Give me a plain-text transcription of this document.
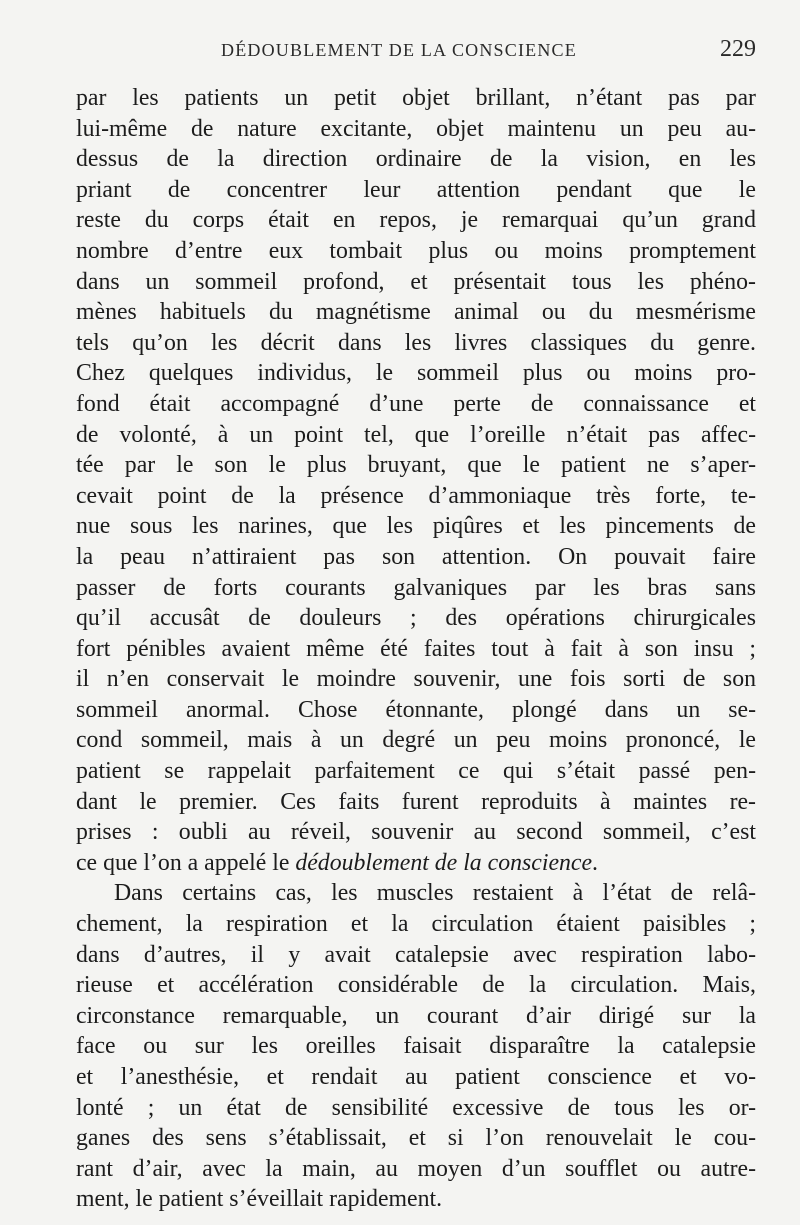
DÉDOUBLEMENT DE LA CONSCIENCE	229
par les patients un petit objet brillant, n’étant pas par
lui-même de nature excitante, objet maintenu un peu au-
dessus de la direction ordinaire de la vision, en les
priant de concentrer leur attention pendant que le
reste du corps était en repos, je remarquai qu’un grand
nombre d’entre eux tombait plus ou moins promptement
dans un sommeil profond, et présentait tous les phéno-
mènes habituels du magnétisme animal ou du mesmérisme
tels qu’on les décrit dans les livres classiques du genre.
Chez quelques individus, le sommeil plus ou moins pro-
fond était accompagné d’une perte de connaissance et
de volonté, à un point tel, que l’oreille n’était pas affec-
tée par le son le plus bruyant, que le patient ne s’aper-
cevait point de la présence d’ammoniaque très forte, te-
nue sous les narines, que les piqûres et les pincements de
la peau n’attiraient pas son attention. On pouvait faire
passer de forts courants galvaniques par les bras sans
qu’il accusât de douleurs ; des opérations chirurgicales
fort pénibles avaient même été faites tout à fait à son insu ;
il n’en conservait le moindre souvenir, une fois sorti de son
sommeil anormal. Chose étonnante, plongé dans un se-
cond sommeil, mais à un degré un peu moins prononcé, le
patient se rappelait parfaitement ce qui s’était passé pen-
dant le premier. Ces faits furent reproduits à maintes re-
prises : oubli au réveil, souvenir au second sommeil, c’est
ce que l’on a appelé le dédoublement de la conscience.
Dans certains cas, les muscles restaient à l’état de relâ-
chement, la respiration et la circulation étaient paisibles ;
dans d’autres, il y avait catalepsie avec respiration labo-
rieuse et accélération considérable de la circulation. Mais,
circonstance remarquable, un courant d’air dirigé sur la
face ou sur les oreilles faisait disparaître la catalepsie
et l’anesthésie, et rendait au patient conscience et vo-
lonté ; un état de sensibilité excessive de tous les or-
ganes des sens s’établissait, et si l’on renouvelait le cou-
rant d’air, avec la main, au moyen d’un soufflet ou autre-
ment, le patient s’éveillait rapidement.
